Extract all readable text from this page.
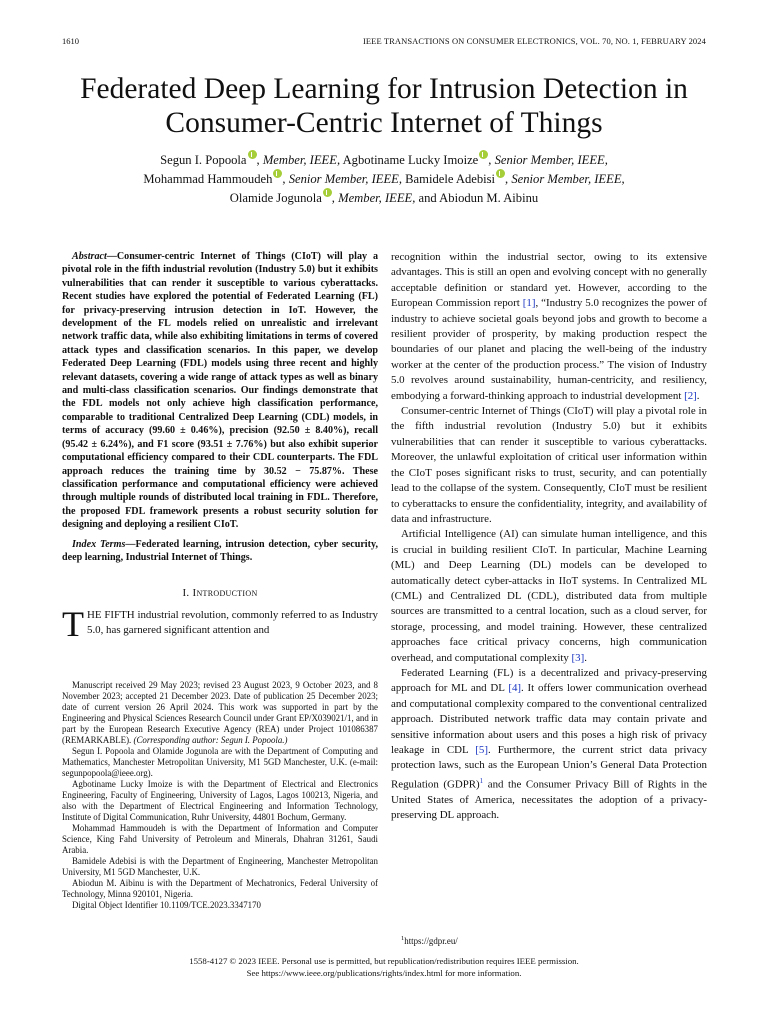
1610	IEEE TRANSACTIONS ON CONSUMER ELECTRONICS, VOL. 70, NO. 1, FEBRUARY 2024
Federated Deep Learning for Intrusion Detection in
Consumer-Centric Internet of Things
Segun I. Popoola , Member, IEEE, Agbotiname Lucky Imoize , Senior Member, IEEE,
Mohammad Hammoudeh , Senior Member, IEEE, Bamidele Adebisi , Senior Member, IEEE,
Olamide Jogunola , Member, IEEE, and Abiodun M. Aibinu
Abstract—Consumer-centric Internet of Things (CIoT) will play a pivotal role in the fifth industrial revolution (Industry 5.0) but it exhibits vulnerabilities that can render it susceptible to various cyberattacks. Recent studies have explored the potential of Federated Learning (FL) for privacy-preserving intrusion detection in IoT. However, the development of the FL models relied on unrealistic and irrelevant network traffic data, while also exhibiting limitations in terms of covered attack types and classification scenarios. In this paper, we develop Federated Deep Learning (FDL) models using three recent and highly relevant datasets, covering a wide range of attack types as well as binary and multi-class classification scenarios. Our findings demonstrate that the FDL models not only achieve high classification performance, comparable to traditional Centralized Deep Learning (CDL) models, in terms of accuracy (99.60 ± 0.46%), precision (92.50 ± 8.40%), recall (95.42 ± 6.24%), and F1 score (93.51 ± 7.76%) but also exhibit superior computational efficiency compared to their CDL counterparts. The FDL approach reduces the training time by 30.52 − 75.87%. These classification performance and computational efficiency were achieved through multiple rounds of distributed local training in FDL. Therefore, the proposed FDL framework presents a robust security solution for designing and deploying a resilient CIoT.
Index Terms—Federated learning, intrusion detection, cyber security, deep learning, Industrial Internet of Things.
I. Introduction

THE FIFTH industrial revolution, commonly referred to as Industry 5.0, has garnered significant attention and

Manuscript received 29 May 2023; revised 23 August 2023, 9 October 2023, and 8 November 2023; accepted 21 December 2023. Date of publication 25 December 2023; date of current version 26 April 2024. This work was supported in part by the Engineering and Physical Sciences Research Council under Grant EP/X039021/1, and in part by the European Research Executive Agency (REA) under Project 101086387 (REMARKABLE). (Corresponding author: Segun I. Popoola.)

Segun I. Popoola and Olamide Jogunola are with the Department of Computing and Mathematics, Manchester Metropolitan University, M1 5GD Manchester, U.K. (e-mail: segunpopoola@ieee.org).

Agbotiname Lucky Imoize is with the Department of Electrical and Electronics Engineering, Faculty of Engineering, University of Lagos, Lagos 100213, Nigeria, and also with the Department of Electrical Engineering and Information Technology, Institute of Digital Communication, Ruhr University, 44801 Bochum, Germany.

Mohammad Hammoudeh is with the Department of Information and Computer Science, King Fahd University of Petroleum and Minerals, Dhahran 31261, Saudi Arabia.

Bamidele Adebisi is with the Department of Engineering, Manchester Metropolitan University, M1 5GD Manchester, U.K.

Abiodun M. Aibinu is with the Department of Mechatronics, Federal University of Technology, Minna 920101, Nigeria.

Digital Object Identifier 10.1109/TCE.2023.3347170

recognition within the industrial sector, owing to its extensive advantages. This is still an open and evolving concept with no generally acceptable definition or standard yet. However, according to the European Commission report [1], “Industry 5.0 recognizes the power of industry to achieve societal goals beyond jobs and growth to become a resilient provider of prosperity, by making production respect the boundaries of our planet and placing the well-being of the industry worker at the center of the production process.” The vision of Industry 5.0 revolves around sustainability, human-centricity, and resiliency, embodying a forward-thinking approach to industrial development [2].

Consumer-centric Internet of Things (CIoT) will play a pivotal role in the fifth industrial revolution (Industry 5.0) but it exhibits vulnerabilities that can render it susceptible to various cyberattacks. Moreover, the unlawful exploitation of critical user information within the CIoT poses significant risks to trust, security, and can potentially lead to the collapse of the system. Consequently, CIoT must be resilient to cyberattacks to ensure the confidentiality, integrity, and availability of data and infrastructure.

Artificial Intelligence (AI) can simulate human intelligence, and this is crucial in building resilient CIoT. In particular, Machine Learning (ML) and Deep Learning (DL) models can be developed to automatically detect cyber-attacks in IIoT systems. In Centralized ML (CML) and Centralized DL (CDL), distributed data from multiple sources are transmitted to a central location, such as a cloud server, for storage, processing, and model training. However, these centralized approaches face critical privacy concerns, high communication overhead, and computational complexity [3].

Federated Learning (FL) is a decentralized and privacy-preserving approach for ML and DL [4]. It offers lower communication overhead and computational complexity compared to the conventional centralized approach. Distributed network traffic data may contain private and sensitive information about users and this poses a high risk of privacy leakage in CDL [5]. Furthermore, the current strict data privacy protection laws, such as the European Union’s General Data Protection Regulation (GDPR)$^1$ and the Consumer Privacy Bill of Rights in the United States of America, necessitates the adoption of a privacy-preserving DL approach.

$^1$https://gdpr.eu/
1558-4127 © 2023 IEEE. Personal use is permitted, but republication/redistribution requires IEEE permission.
See https://www.ieee.org/publications/rights/index.html for more information.
